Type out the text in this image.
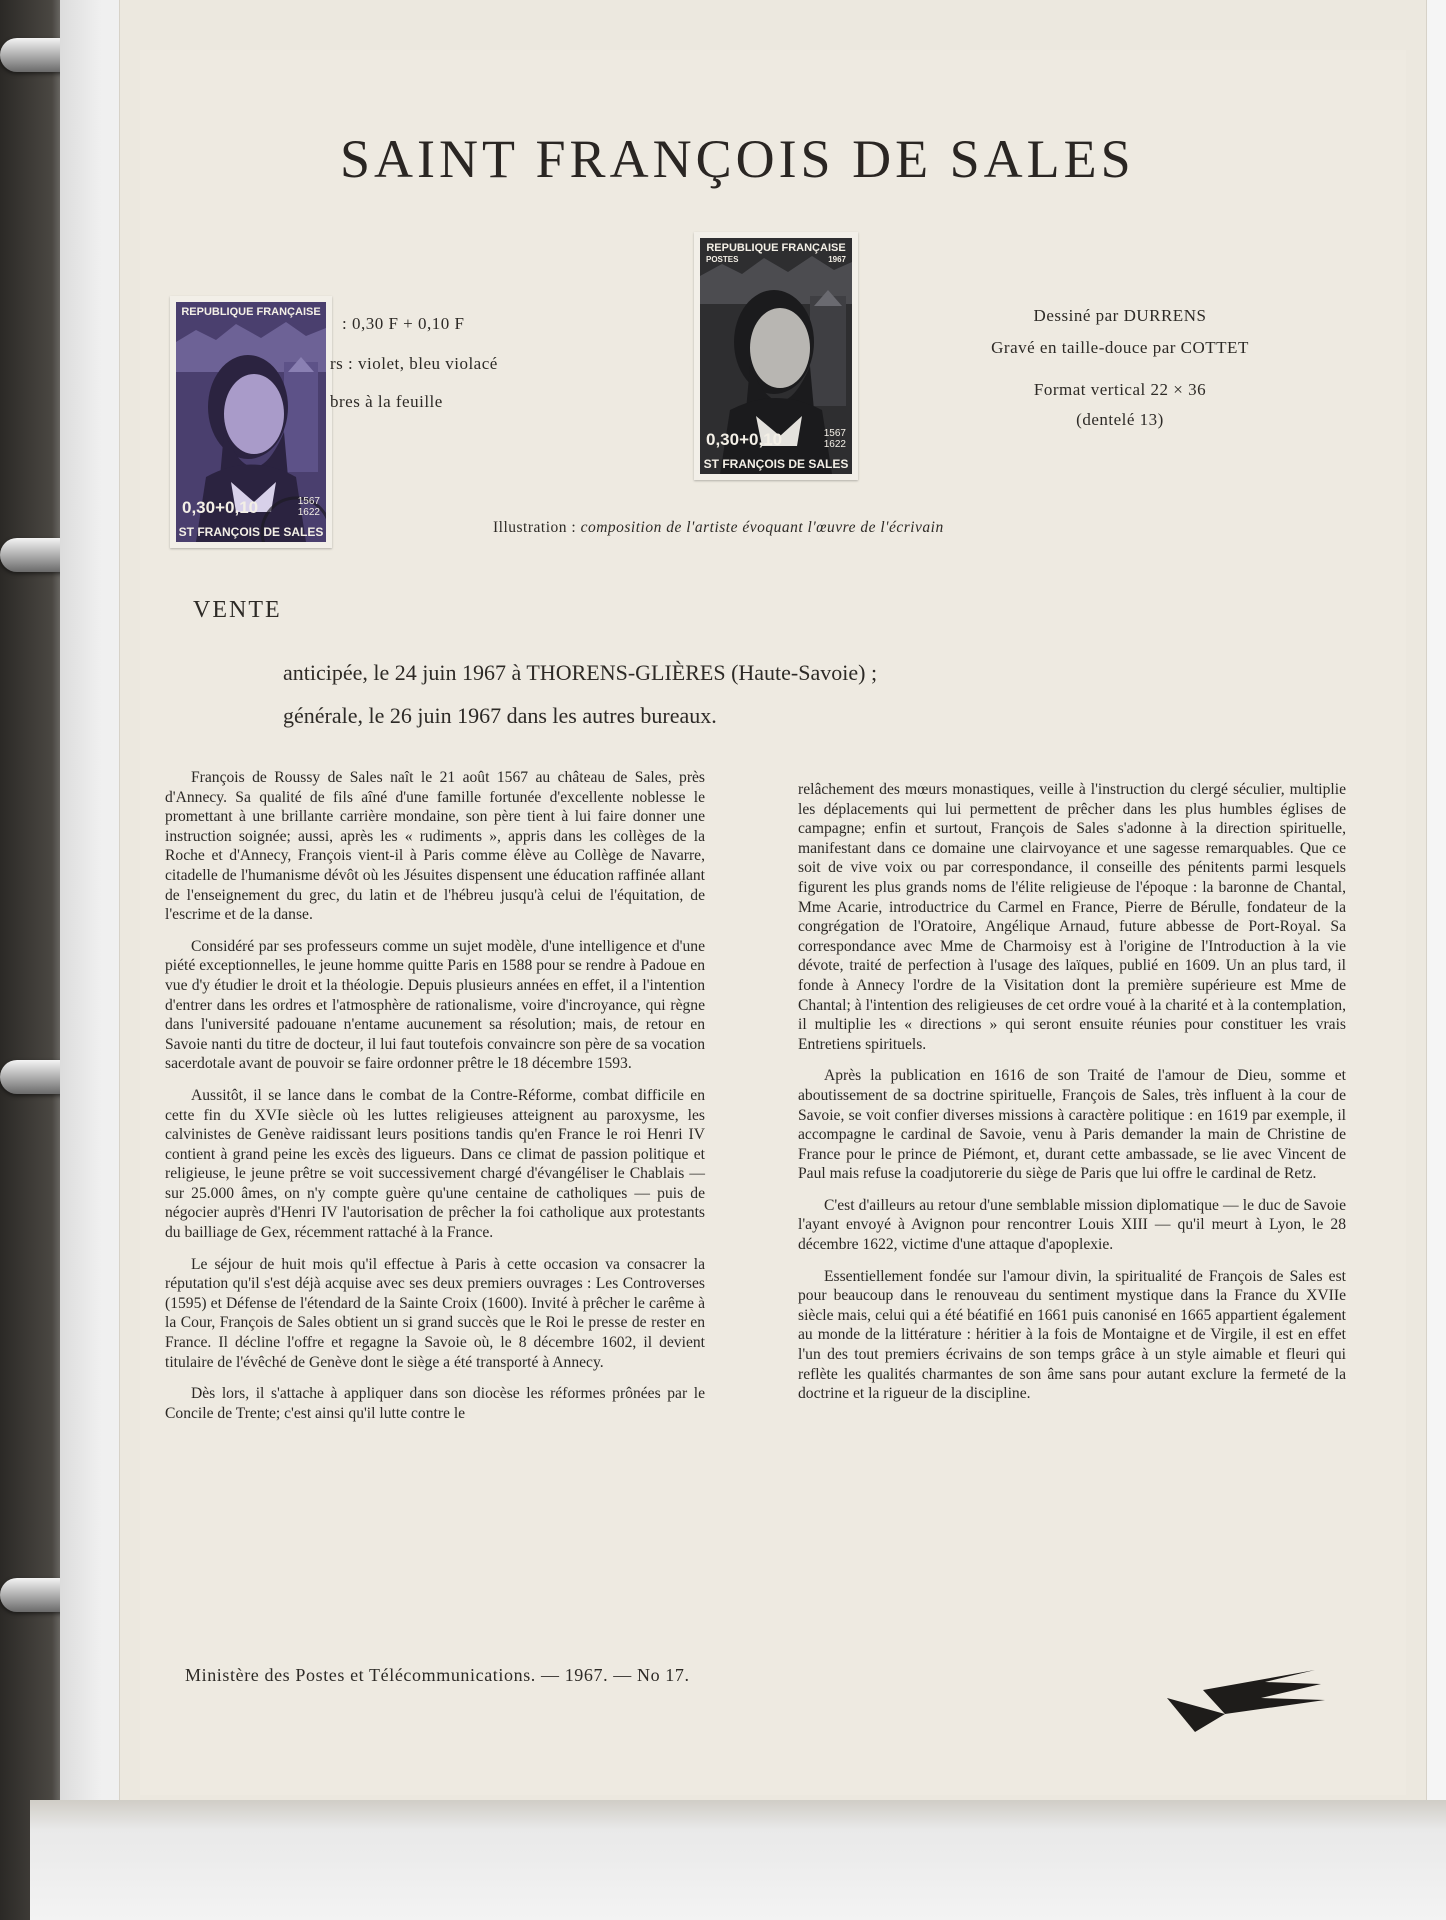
SAINT FRANÇOIS DE SALES
REPUBLIQUE FRANÇAISE
0,30+0,10	1567
1622
ST FRANÇOIS DE SALES
REPUBLIQUE FRANÇAISE
POSTES	1967
0,30+0,10	1567
1622
ST FRANÇOIS DE SALES
: 0,30 F + 0,10 F
rs : violet, bleu violacé
bres à la feuille
Dessiné par DURRENS
Gravé en taille-douce par COTTET
Format vertical 22 × 36
(dentelé 13)
Illustration : composition de l'artiste évoquant l'œuvre de l'écrivain
VENTE
anticipée, le 24 juin 1967 à THORENS-GLIÈRES (Haute-Savoie) ;
générale, le 26 juin 1967 dans les autres bureaux.

François de Roussy de Sales naît le 21 août 1567 au château de Sales, près d'Annecy. Sa qualité de fils aîné d'une famille fortunée d'excellente noblesse le promettant à une brillante carrière mondaine, son père tient à lui faire donner une instruction soignée; aussi, après les « rudiments », appris dans les collèges de la Roche et d'Annecy, François vient-il à Paris comme élève au Collège de Navarre, citadelle de l'humanisme dévôt où les Jésuites dispensent une éducation raffinée allant de l'enseignement du grec, du latin et de l'hébreu jusqu'à celui de l'équitation, de l'escrime et de la danse.

Considéré par ses professeurs comme un sujet modèle, d'une intelligence et d'une piété exceptionnelles, le jeune homme quitte Paris en 1588 pour se rendre à Padoue en vue d'y étudier le droit et la théologie. Depuis plusieurs années en effet, il a l'intention d'entrer dans les ordres et l'atmosphère de rationalisme, voire d'incroyance, qui règne dans l'université padouane n'entame aucunement sa résolution; mais, de retour en Savoie nanti du titre de docteur, il lui faut toutefois convaincre son père de sa vocation sacerdotale avant de pouvoir se faire ordonner prêtre le 18 décembre 1593.

Aussitôt, il se lance dans le combat de la Contre-Réforme, combat difficile en cette fin du XVIe siècle où les luttes religieuses atteignent au paroxysme, les calvinistes de Genève raidissant leurs positions tandis qu'en France le roi Henri IV contient à grand peine les excès des ligueurs. Dans ce climat de passion politique et religieuse, le jeune prêtre se voit successivement chargé d'évangéliser le Chablais — sur 25.000 âmes, on n'y compte guère qu'une centaine de catholiques — puis de négocier auprès d'Henri IV l'autorisation de prêcher la foi catholique aux protestants du bailliage de Gex, récemment rattaché à la France.

Le séjour de huit mois qu'il effectue à Paris à cette occasion va consacrer la réputation qu'il s'est déjà acquise avec ses deux premiers ouvrages : Les Controverses (1595) et Défense de l'étendard de la Sainte Croix (1600). Invité à prêcher le carême à la Cour, François de Sales obtient un si grand succès que le Roi le presse de rester en France. Il décline l'offre et regagne la Savoie où, le 8 décembre 1602, il devient titulaire de l'évêché de Genève dont le siège a été transporté à Annecy.

Dès lors, il s'attache à appliquer dans son diocèse les réformes prônées par le Concile de Trente; c'est ainsi qu'il lutte contre le

relâchement des mœurs monastiques, veille à l'instruction du clergé séculier, multiplie les déplacements qui lui permettent de prêcher dans les plus humbles églises de campagne; enfin et surtout, François de Sales s'adonne à la direction spirituelle, manifestant dans ce domaine une clairvoyance et une sagesse remarquables. Que ce soit de vive voix ou par correspondance, il conseille des pénitents parmi lesquels figurent les plus grands noms de l'élite religieuse de l'époque : la baronne de Chantal, Mme Acarie, introductrice du Carmel en France, Pierre de Bérulle, fondateur de la congrégation de l'Oratoire, Angélique Arnaud, future abbesse de Port-Royal. Sa correspondance avec Mme de Charmoisy est à l'origine de l'Introduction à la vie dévote, traité de perfection à l'usage des laïques, publié en 1609. Un an plus tard, il fonde à Annecy l'ordre de la Visitation dont la première supérieure est Mme de Chantal; à l'intention des religieuses de cet ordre voué à la charité et à la contemplation, il multiplie les « directions » qui seront ensuite réunies pour constituer les vrais Entretiens spirituels.

Après la publication en 1616 de son Traité de l'amour de Dieu, somme et aboutissement de sa doctrine spirituelle, François de Sales, très influent à la cour de Savoie, se voit confier diverses missions à caractère politique : en 1619 par exemple, il accompagne le cardinal de Savoie, venu à Paris demander la main de Christine de France pour le prince de Piémont, et, durant cette ambassade, se lie avec Vincent de Paul mais refuse la coadjutorerie du siège de Paris que lui offre le cardinal de Retz.

C'est d'ailleurs au retour d'une semblable mission diplomatique — le duc de Savoie l'ayant envoyé à Avignon pour rencontrer Louis XIII — qu'il meurt à Lyon, le 28 décembre 1622, victime d'une attaque d'apoplexie.

Essentiellement fondée sur l'amour divin, la spiritualité de François de Sales est pour beaucoup dans le renouveau du sentiment mystique dans la France du XVIIe siècle mais, celui qui a été béatifié en 1661 puis canonisé en 1665 appartient également au monde de la littérature : héritier à la fois de Montaigne et de Virgile, il est en effet l'un des tout premiers écrivains de son temps grâce à un style aimable et fleuri qui reflète les qualités charmantes de son âme sans pour autant exclure la fermeté de la doctrine et la rigueur de la discipline.

Ministère des Postes et Télécommunications. — 1967. — No 17.
